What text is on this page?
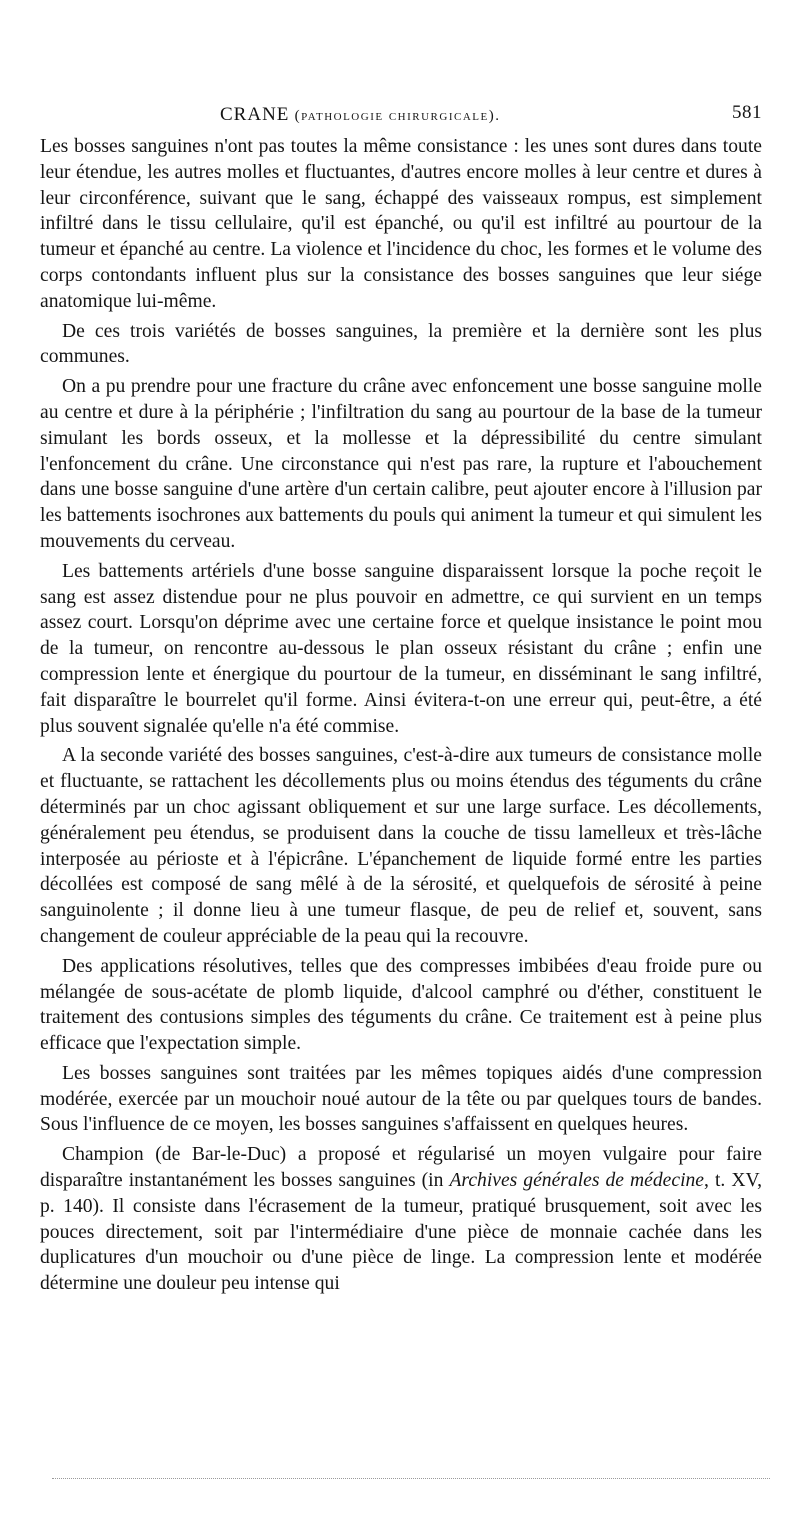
CRANE (pathologie chirurgicale).	581

Les bosses sanguines n'ont pas toutes la même consistance : les unes sont dures dans toute leur étendue, les autres molles et fluctuantes, d'autres encore molles à leur centre et dures à leur circonférence, suivant que le sang, échappé des vaisseaux rompus, est simplement infiltré dans le tissu cellulaire, qu'il est épanché, ou qu'il est infiltré au pourtour de la tumeur et épanché au centre. La violence et l'incidence du choc, les formes et le volume des corps contondants influent plus sur la consistance des bosses sanguines que leur siége anatomique lui-même.

De ces trois variétés de bosses sanguines, la première et la dernière sont les plus communes.

On a pu prendre pour une fracture du crâne avec enfoncement une bosse sanguine molle au centre et dure à la périphérie ; l'infiltration du sang au pourtour de la base de la tumeur simulant les bords osseux, et la mollesse et la dépressibilité du centre simulant l'enfoncement du crâne. Une circonstance qui n'est pas rare, la rupture et l'abouchement dans une bosse sanguine d'une artère d'un certain calibre, peut ajouter encore à l'illusion par les battements isochrones aux battements du pouls qui animent la tumeur et qui simulent les mouvements du cerveau.

Les battements artériels d'une bosse sanguine disparaissent lorsque la poche reçoit le sang est assez distendue pour ne plus pouvoir en admettre, ce qui survient en un temps assez court. Lorsqu'on déprime avec une certaine force et quelque insistance le point mou de la tumeur, on rencontre au-dessous le plan osseux résistant du crâne ; enfin une compression lente et énergique du pourtour de la tumeur, en disséminant le sang infiltré, fait disparaître le bourrelet qu'il forme. Ainsi évitera-t-on une erreur qui, peut-être, a été plus souvent signalée qu'elle n'a été commise.

A la seconde variété des bosses sanguines, c'est-à-dire aux tumeurs de consistance molle et fluctuante, se rattachent les décollements plus ou moins étendus des téguments du crâne déterminés par un choc agissant obliquement et sur une large surface. Les décollements, généralement peu étendus, se produisent dans la couche de tissu lamelleux et très-lâche interposée au périoste et à l'épicrâne. L'épanchement de liquide formé entre les parties décollées est composé de sang mêlé à de la sérosité, et quelquefois de sérosité à peine sanguinolente ; il donne lieu à une tumeur flasque, de peu de relief et, souvent, sans changement de couleur appréciable de la peau qui la recouvre.

Des applications résolutives, telles que des compresses imbibées d'eau froide pure ou mélangée de sous-acétate de plomb liquide, d'alcool camphré ou d'éther, constituent le traitement des contusions simples des téguments du crâne. Ce traitement est à peine plus efficace que l'expectation simple.

Les bosses sanguines sont traitées par les mêmes topiques aidés d'une compression modérée, exercée par un mouchoir noué autour de la tête ou par quelques tours de bandes. Sous l'influence de ce moyen, les bosses sanguines s'affaissent en quelques heures.

Champion (de Bar-le-Duc) a proposé et régularisé un moyen vulgaire pour faire disparaître instantanément les bosses sanguines (in Archives générales de médecine, t. XV, p. 140). Il consiste dans l'écrasement de la tumeur, pratiqué brusquement, soit avec les pouces directement, soit par l'intermédiaire d'une pièce de monnaie cachée dans les duplicatures d'un mouchoir ou d'une pièce de linge. La compression lente et modérée détermine une douleur peu intense qui
